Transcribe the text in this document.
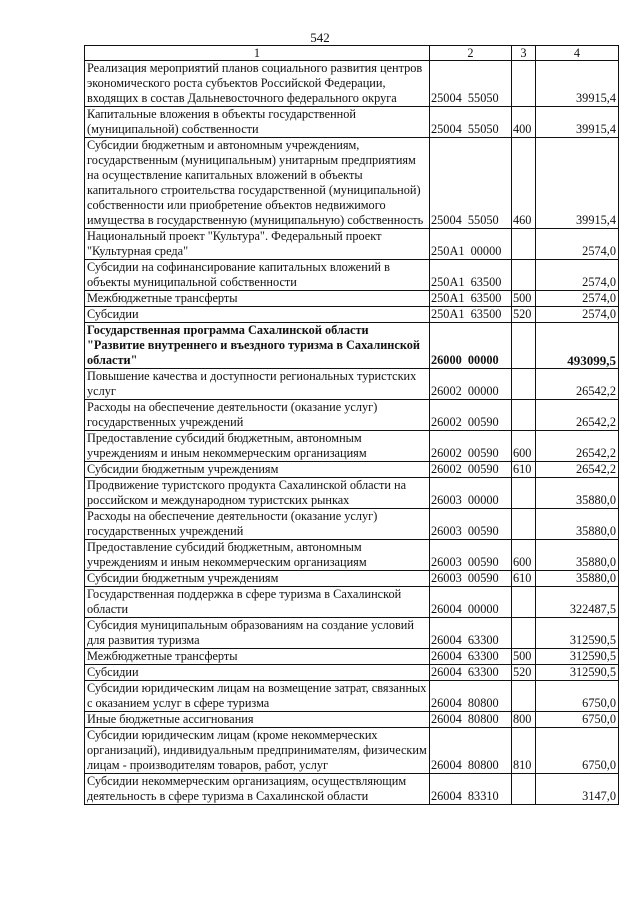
542
1	2	3	4
Реализация мероприятий планов социального развития центров экономического роста субъектов Российской Федерации, входящих в состав Дальневосточного федерального округа	25004  55050		39915,4
Капитальные вложения в объекты государственной (муниципальной) собственности	25004  55050	400	39915,4
Субсидии бюджетным и автономным учреждениям, государственным (муниципальным) унитарным предприятиям на осуществление капитальных вложений в объекты капитального строительства государственной (муниципальной) собственности или приобретение объектов недвижимого имущества в государственную (муниципальную) собственность	25004  55050	460	39915,4
Национальный проект "Культура". Федеральный проект "Культурная среда"	250A1  00000		2574,0
Субсидии на софинансирование капитальных вложений в объекты муниципальной собственности	250A1  63500		2574,0
Межбюджетные трансферты	250A1  63500	500	2574,0
Субсидии	250A1  63500	520	2574,0
Государственная программа Сахалинской области "Развитие внутреннего и въездного туризма в Сахалинской области"	26000  00000		493099,5
Повышение качества и доступности региональных туристских услуг	26002  00000		26542,2
Расходы на обеспечение деятельности (оказание услуг) государственных учреждений	26002  00590		26542,2
Предоставление субсидий бюджетным, автономным учреждениям и иным некоммерческим организациям	26002  00590	600	26542,2
Субсидии бюджетным учреждениям	26002  00590	610	26542,2
Продвижение туристского продукта Сахалинской области на российском и международном туристских рынках	26003  00000		35880,0
Расходы на обеспечение деятельности (оказание услуг) государственных учреждений	26003  00590		35880,0
Предоставление субсидий бюджетным, автономным учреждениям и иным некоммерческим организациям	26003  00590	600	35880,0
Субсидии бюджетным учреждениям	26003  00590	610	35880,0
Государственная поддержка в сфере туризма в Сахалинской области	26004  00000		322487,5
Субсидия муниципальным образованиям на создание условий для развития туризма	26004  63300		312590,5
Межбюджетные трансферты	26004  63300	500	312590,5
Субсидии	26004  63300	520	312590,5
Субсидии юридическим лицам на возмещение затрат, связанных с оказанием услуг в сфере туризма	26004  80800		6750,0
Иные бюджетные ассигнования	26004  80800	800	6750,0
Субсидии юридическим лицам (кроме некоммерческих организаций), индивидуальным предпринимателям, физическим лицам - производителям товаров, работ, услуг	26004  80800	810	6750,0
Субсидии некоммерческим организациям, осуществляющим деятельность в сфере туризма в Сахалинской области	26004  83310		3147,0
